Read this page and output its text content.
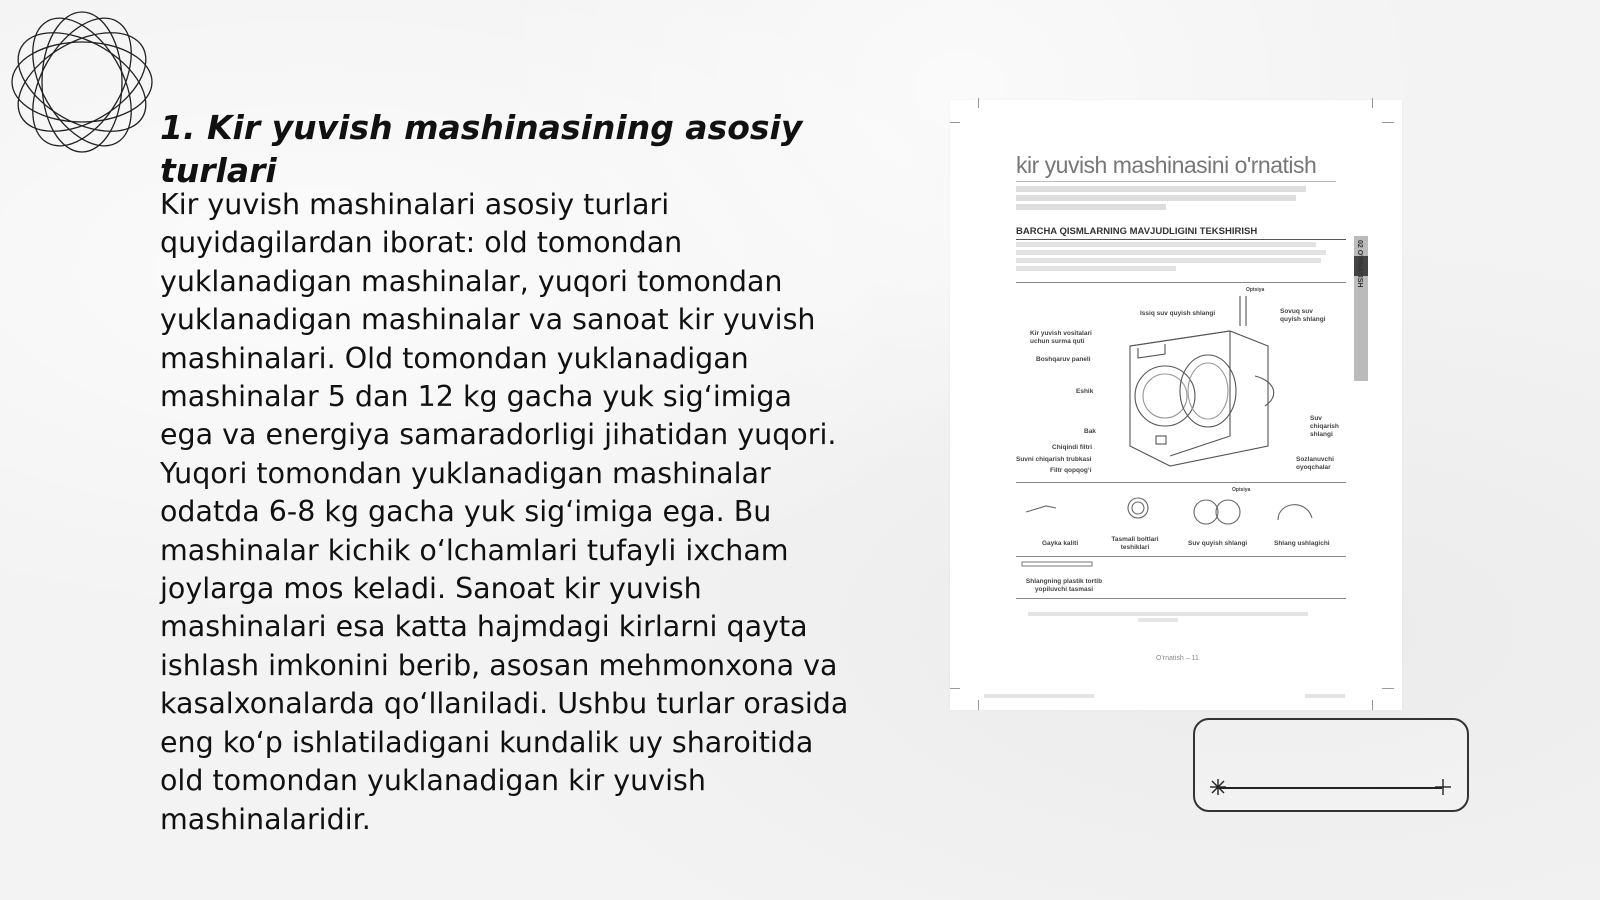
1. Kir yuvish mashinasining asosiy turlari

Kir yuvish mashinalari asosiy turlari quyidagilardan iborat: old tomondan yuklanadigan mashinalar, yuqori tomondan yuklanadigan mashinalar va sanoat kir yuvish mashinalari. Old tomondan yuklanadigan mashinalar 5 dan 12 kg gacha yuk sig‘imiga ega va energiya samaradorligi jihatidan yuqori. Yuqori tomondan yuklanadigan mashinalar odatda 6-8 kg gacha yuk sig‘imiga ega. Bu mashinalar kichik o‘lchamlari tufayli ixcham joylarga mos keladi. Sanoat kir yuvish mashinalari esa katta hajmdagi kirlarni qayta ishlash imkonini berib, asosan mehmonxona va kasalxonalarda qo‘llaniladi. Ushbu turlar orasida eng ko‘p ishlatiladigani kundalik uy sharoitida old tomondan yuklanadigan kir yuvish mashinalaridir.

kir yuvish mashinasini o'rnatish
BARCHA QISMLARNING MAVJUDLIGINI TEKSHIRISH
02 O'RNATISH
Optsiya
Issiq suv quyish shlangi	Sovuq suv quyish shlangi
Kir yuvish vositalari uchun surma quti
Boshqaruv paneli
Eshik
Bak
Suv chiqarish shlangi
Chiqindi filtri
Suvni chiqarish trubkasi
Filtr qopqog‘i
Sozlanuvchi oyoqchalar
Optsiya
Gayka kaliti
Tasmali boltlari teshiklari
Suv quyish shlangi	Shlang ushlagichi
Shlangning plastik tortib yopiluvchi tasmasi
O'rnatish – 11
